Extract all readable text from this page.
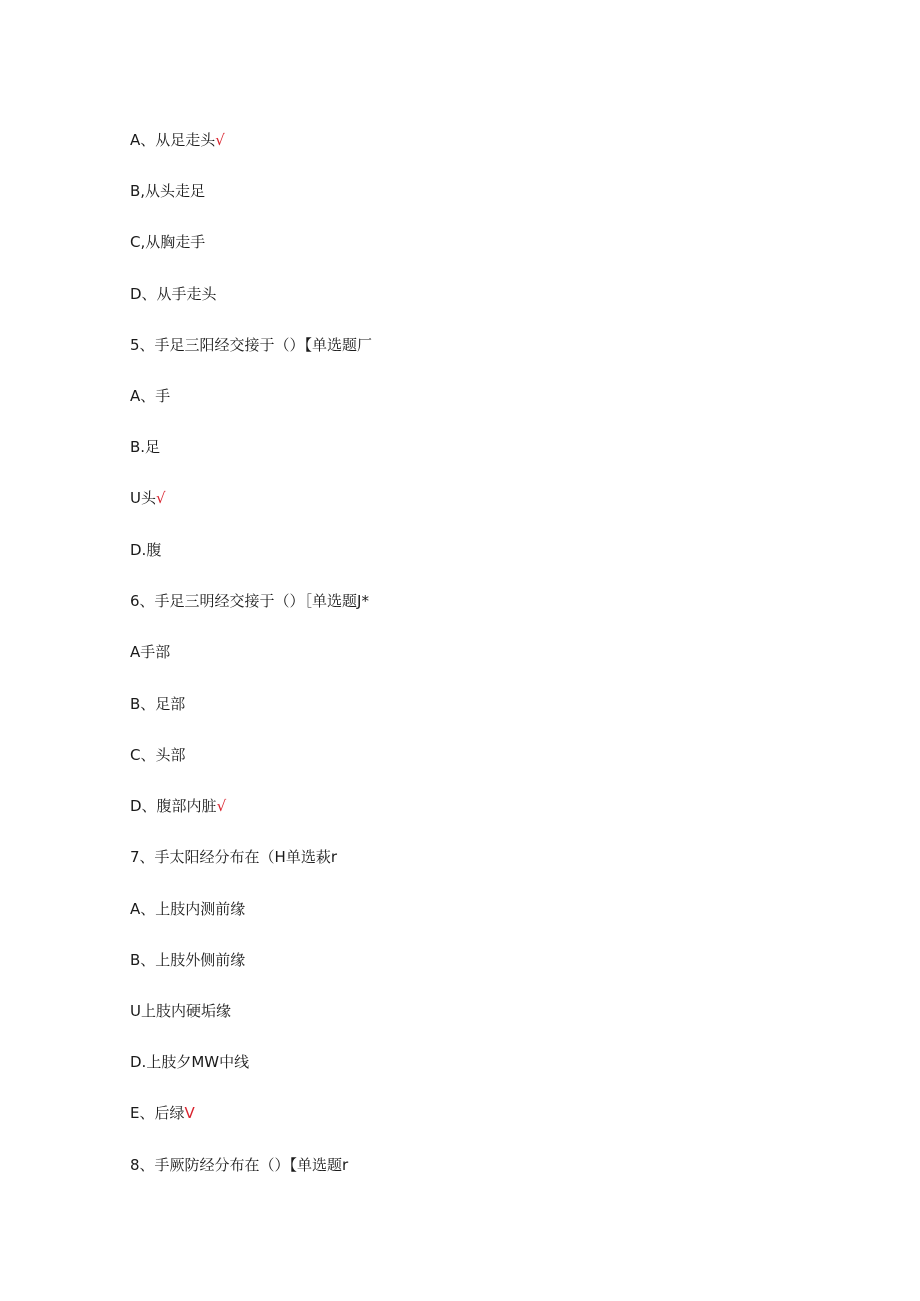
A、从足走头√
B,从头走足
C,从胸走手
D、从手走头
5、手足三阳经交接于（）【单选题厂
A、手
B.足
U头√
D.腹
6、手足三明经交接于（）［单选题J*
A手部
B、足部
C、头部
D、腹部内脏√
7、手太阳经分布在（H单选萩r
A、上肢内测前缘
B、上肢外侧前缘
U上肢内硬垢缘
D.上肢夕MW中线
E、后绿V
8、手厥防经分布在（）【单选题r
